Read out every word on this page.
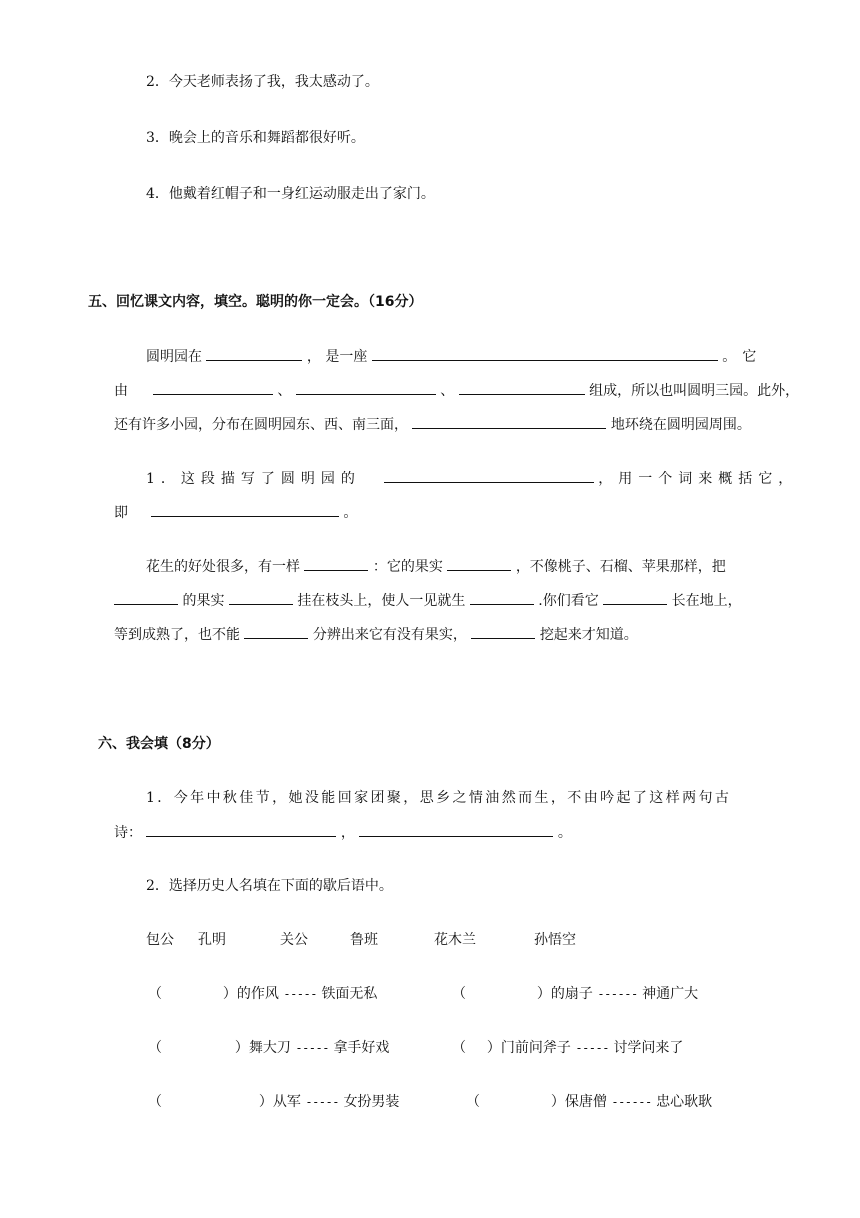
2．今天老师表扬了我，我太感动了。
3．晚会上的音乐和舞蹈都很好听。
4．他戴着红帽子和一身红运动服走出了家门。
五、回忆课文内容，填空。聪明的你一定会。（16分）
圆明园在	， 是一座	。它
由	、	、	组成，所以也叫圆明三园。此外，
还有许多小园，分布在圆明园东、西、南三面，	地环绕在圆明园周围。
1．这段描写了圆明园的	，用一个词来概括它，
即	。
花生的好处很多，有一样	：它的果实	，不像桃子、石榴、苹果那样，把
的果实	挂在枝头上，使人一见就生	.你们看它	长在地上，
等到成熟了，也不能	分辨出来它有没有果实，	挖起来才知道。
六、我会填（8分）
1．今年中秋佳节，她没能回家团聚，思乡之情油然而生，不由吟起了这样两句古
诗：	，	。
2．选择历史人名填在下面的歇后语中。
包公 孔明	关公	鲁班	花木兰	孙悟空
（	）的作风 ----- 铁面无私	（	）的扇子 ------ 神通广大
（	）舞大刀 ----- 拿手好戏	（ ）门前问斧子 ----- 讨学问来了
（	）从军 ----- 女扮男装	（	）保唐僧 ------ 忠心耿耿
